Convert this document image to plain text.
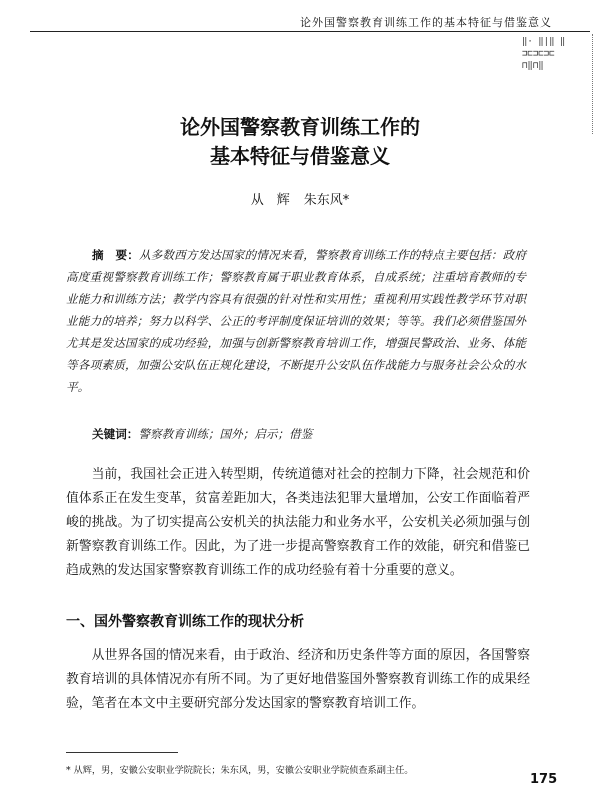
论外国警察教育训练工作的基本特征与借鉴意义
‖· ‖|‖ ‖
⊐⊏⊐⊏⊐⊏
⊓‖⊓‖
论外国警察教育训练工作的
基本特征与借鉴意义
从　辉 朱东风*
摘　要：从多数西方发达国家的情况来看，警察教育训练工作的特点主要包括：政府高度重视警察教育训练工作；警察教育属于职业教育体系，自成系统；注重培育教师的专业能力和训练方法；教学内容具有很强的针对性和实用性；重视利用实践性教学环节对职业能力的培养；努力以科学、公正的考评制度保证培训的效果；等等。我们必须借鉴国外尤其是发达国家的成功经验，加强与创新警察教育培训工作，增强民警政治、业务、体能等各项素质，加强公安队伍正规化建设，不断提升公安队伍作战能力与服务社会公众的水平。
关键词：警察教育训练；国外；启示；借鉴
当前，我国社会正进入转型期，传统道德对社会的控制力下降，社会规范和价值体系正在发生变革，贫富差距加大，各类违法犯罪大量增加，公安工作面临着严峻的挑战。为了切实提高公安机关的执法能力和业务水平，公安机关必须加强与创新警察教育训练工作。因此，为了进一步提高警察教育工作的效能，研究和借鉴已趋成熟的发达国家警察教育训练工作的成功经验有着十分重要的意义。
一、国外警察教育训练工作的现状分析
从世界各国的情况来看，由于政治、经济和历史条件等方面的原因，各国警察教育培训的具体情况亦有所不同。为了更好地借鉴国外警察教育训练工作的成果经验，笔者在本文中主要研究部分发达国家的警察教育培训工作。
* 从辉，男，安徽公安职业学院院长；朱东风，男，安徽公安职业学院侦查系副主任。
175
